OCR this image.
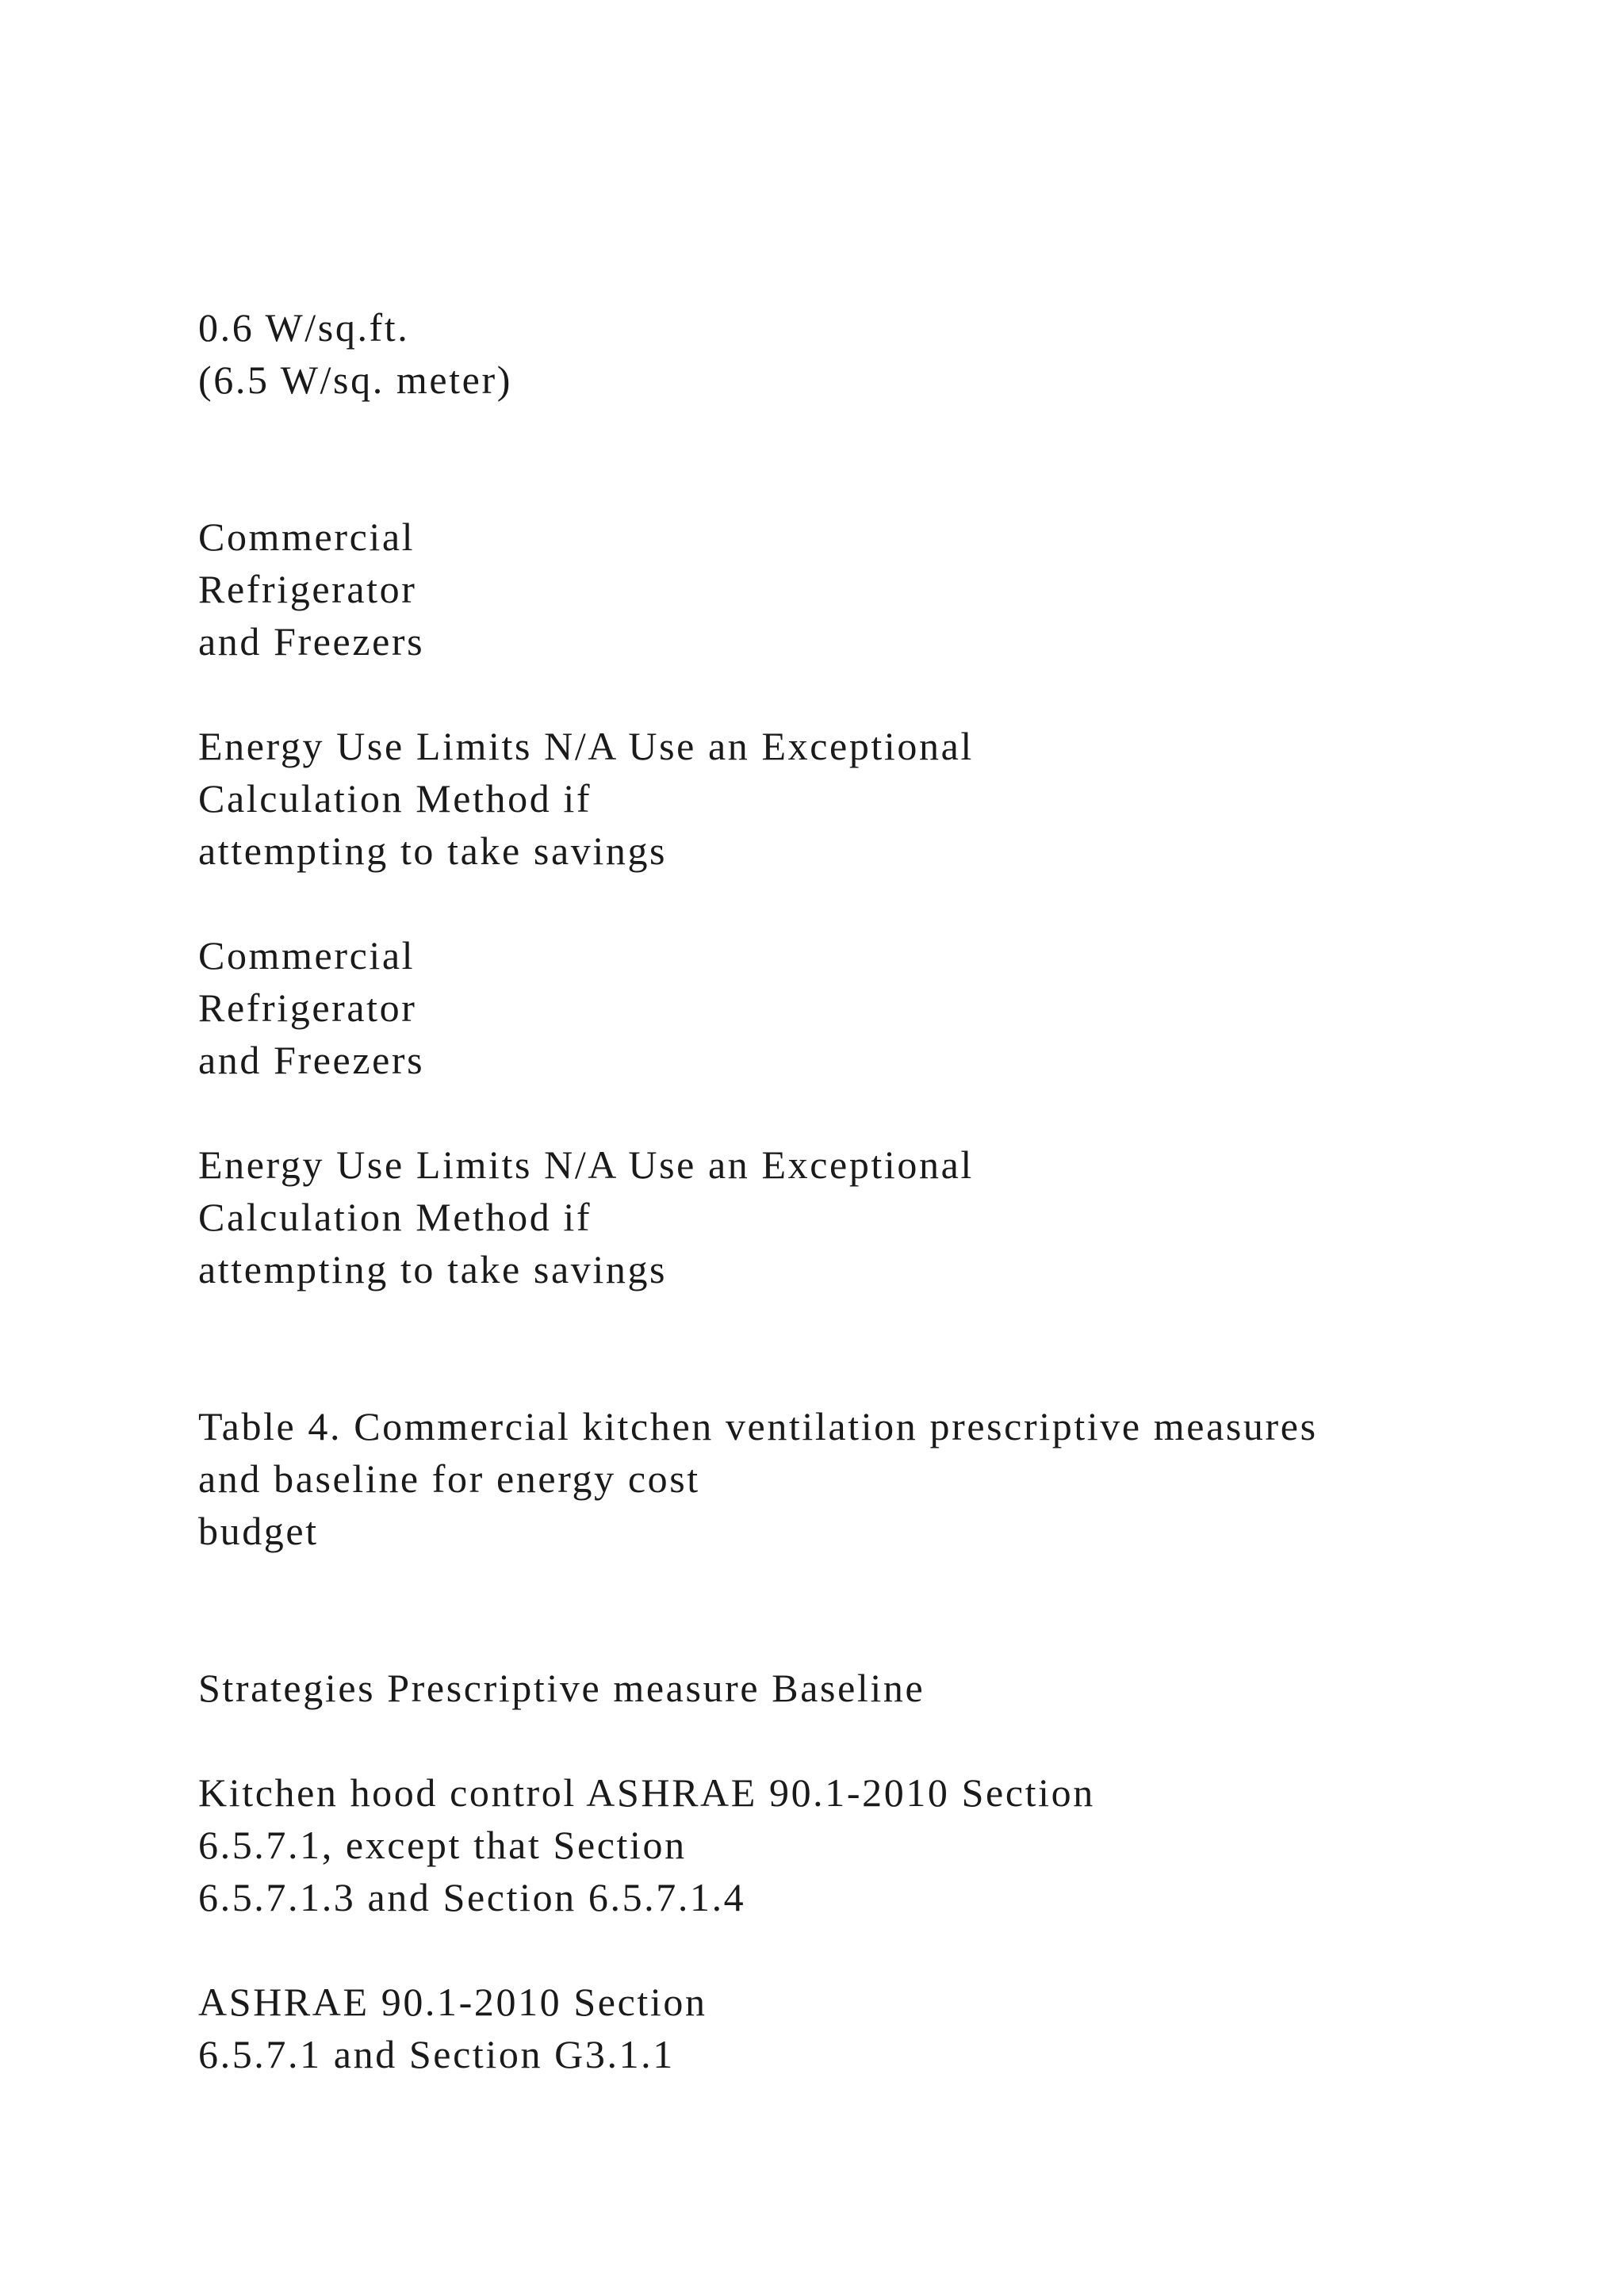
0.6 W/sq.ft.

(6.5 W/sq. meter)

Commercial

Refrigerator

and Freezers

Energy Use Limits N/A Use an Exceptional

Calculation Method if

attempting to take savings

Commercial

Refrigerator

and Freezers

Energy Use Limits N/A Use an Exceptional

Calculation Method if

attempting to take savings

Table 4. Commercial kitchen ventilation prescriptive measures

and baseline for energy cost

budget

Strategies Prescriptive measure Baseline

Kitchen hood control ASHRAE 90.1-2010 Section

6.5.7.1, except that Section

6.5.7.1.3 and Section 6.5.7.1.4

ASHRAE 90.1-2010 Section

6.5.7.1 and Section G3.1.1
